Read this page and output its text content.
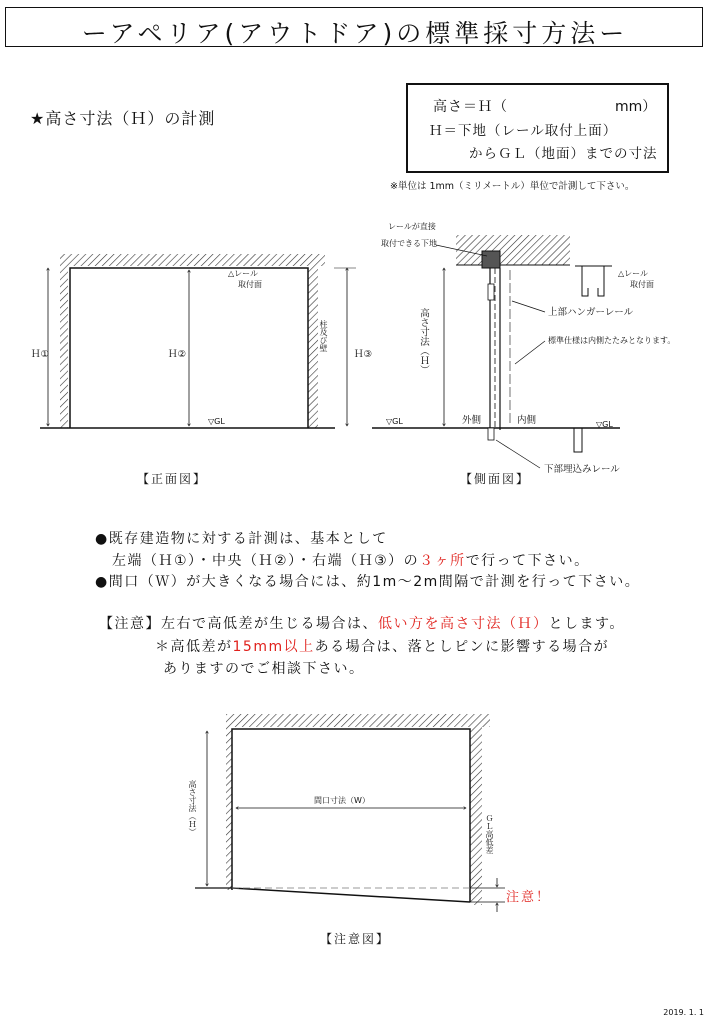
ーアペリア(アウトドア)の標準採寸方法ー
★高さ寸法（Ｈ）の計測
高さ＝Ｈ（	mm）
Ｈ＝下地（レール取付上面）
からＧＬ（地面）までの寸法
※単位は 1mm（ミリメートル）単位で計測して下さい。
Ｈ①	Ｈ②	Ｈ③
△レール
取付面
▽GL
柱及び壁
【正面図】
レールが直接
取付できる下地
高さ寸法（Ｈ）	上部ハンガーレール
標準仕様は内側たたみとなります。
△レール
取付面
▽GL	▽GL
外側	内側
下部埋込みレール
【側面図】
●既存建造物に対する計測は、基本として
左端（Ｈ①）・中央（Ｈ②）・右端（Ｈ③）の３ヶ所で行って下さい。
●間口（Ｗ）が大きくなる場合には、約1m～2m間隔で計測を行って下さい。
【注意】左右で高低差が生じる場合は、低い方を高さ寸法（Ｈ）とします。
＊高低差が15mm以上ある場合は、落としピンに影響する場合が
ありますのでご相談下さい。
高さ寸法（Ｈ）	間口寸法（W）
ＧＬ高低差
注意！
【注意図】
2019. 1. 1
